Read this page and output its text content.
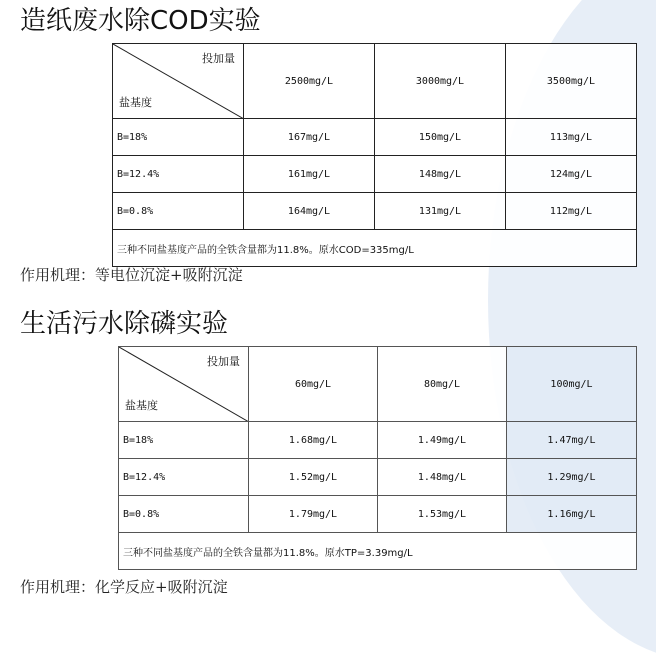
造纸废水除COD实验
投加量
盐基度	2500mg/L	3000mg/L	3500mg/L
B=18%	167mg/L	150mg/L	113mg/L
B=12.4%	161mg/L	148mg/L	124mg/L
B=0.8%	164mg/L	131mg/L	112mg/L
三种不同盐基度产品的全铁含量都为11.8%。原水COD=335mg/L			
作用机理：等电位沉淀+吸附沉淀
生活污水除磷实验
投加量
盐基度	60mg/L	80mg/L	100mg/L
B=18%	1.68mg/L	1.49mg/L	1.47mg/L
B=12.4%	1.52mg/L	1.48mg/L	1.29mg/L
B=0.8%	1.79mg/L	1.53mg/L	1.16mg/L
三种不同盐基度产品的全铁含量都为11.8%。原水TP=3.39mg/L			
作用机理：化学反应+吸附沉淀
